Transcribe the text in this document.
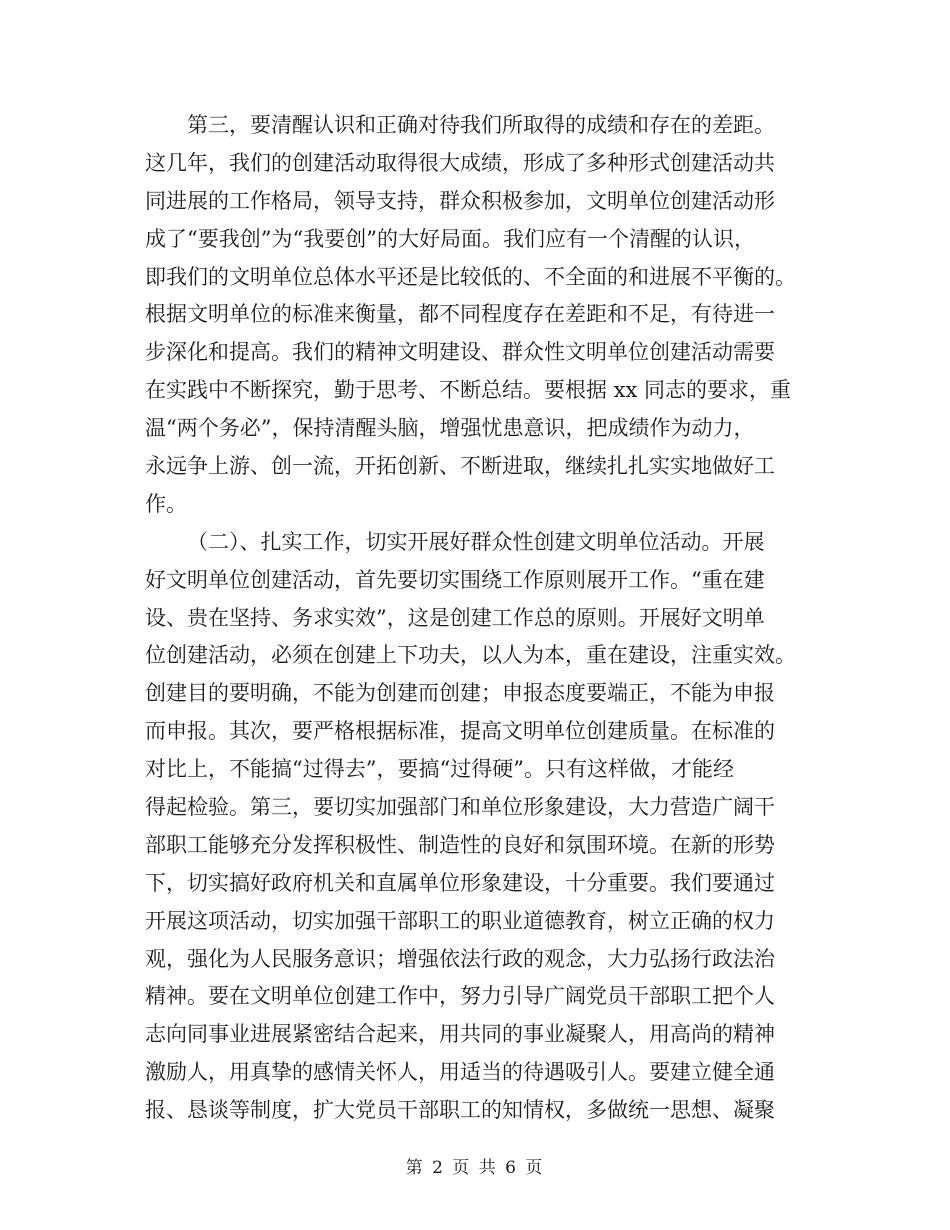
第三，要清醒认识和正确对待我们所取得的成绩和存在的差距。
这几年，我们的创建活动取得很大成绩，形成了多种形式创建活动共
同进展的工作格局，领导支持，群众积极参加，文明单位创建活动形
成了“要我创”为“我要创”的大好局面。我们应有一个清醒的认识，
即我们的文明单位总体水平还是比较低的、不全面的和进展不平衡的。
根据文明单位的标准来衡量，都不同程度存在差距和不足，有待进一
步深化和提高。我们的精神文明建设、群众性文明单位创建活动需要
在实践中不断探究，勤于思考、不断总结。要根据 xx 同志的要求，重
温“两个务必”，保持清醒头脑，增强忧患意识，把成绩作为动力，
永远争上游、创一流，开拓创新、不断进取，继续扎扎实实地做好工
作。
（二）、扎实工作，切实开展好群众性创建文明单位活动。开展
好文明单位创建活动，首先要切实围绕工作原则展开工作。“重在建
设、贵在坚持、务求实效”，这是创建工作总的原则。开展好文明单
位创建活动，必须在创建上下功夫，以人为本，重在建设，注重实效。
创建目的要明确，不能为创建而创建；申报态度要端正，不能为申报
而申报。其次，要严格根据标准，提高文明单位创建质量。在标准的
对比上，不能搞“过得去”，要搞“过得硬”。只有这样做，才能经
得起检验。第三，要切实加强部门和单位形象建设，大力营造广阔干
部职工能够充分发挥积极性、制造性的良好和氛围环境。在新的形势
下，切实搞好政府机关和直属单位形象建设，十分重要。我们要通过
开展这项活动，切实加强干部职工的职业道德教育，树立正确的权力
观，强化为人民服务意识；增强依法行政的观念，大力弘扬行政法治
精神。要在文明单位创建工作中，努力引导广阔党员干部职工把个人
志向同事业进展紧密结合起来，用共同的事业凝聚人，用高尚的精神
激励人，用真挚的感情关怀人，用适当的待遇吸引人。要建立健全通
报、恳谈等制度，扩大党员干部职工的知情权，多做统一思想、凝聚
第 2 页 共 6 页
